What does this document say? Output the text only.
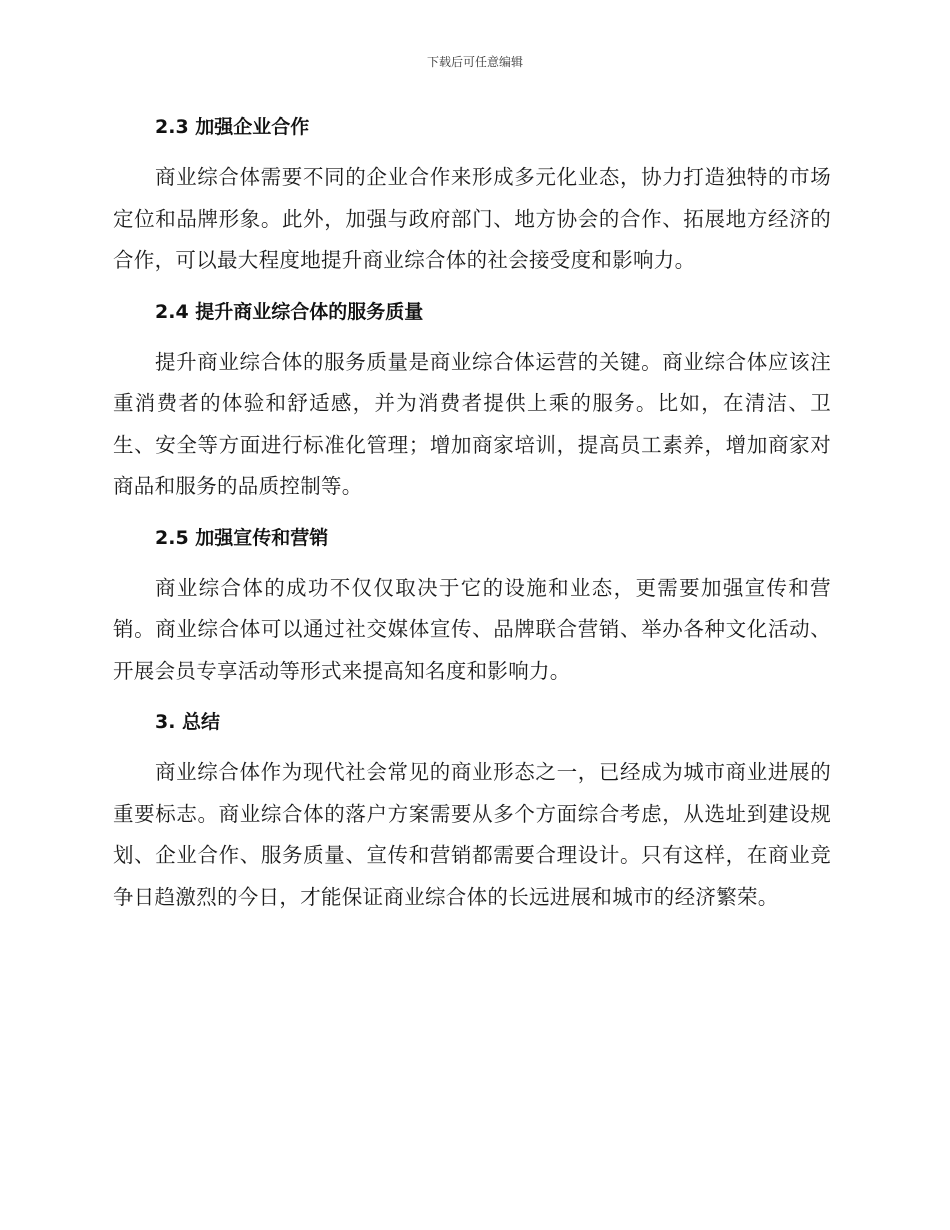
下载后可任意编辑
2.3 加强企业合作

商业综合体需要不同的企业合作来形成多元化业态，协力打造独特的市场定位和品牌形象。此外，加强与政府部门、地方协会的合作、拓展地方经济的合作，可以最大程度地提升商业综合体的社会接受度和影响力。

2.4 提升商业综合体的服务质量

提升商业综合体的服务质量是商业综合体运营的关键。商业综合体应该注重消费者的体验和舒适感，并为消费者提供上乘的服务。比如，在清洁、卫生、安全等方面进行标准化管理；增加商家培训，提高员工素养，增加商家对商品和服务的品质控制等。

2.5 加强宣传和营销

商业综合体的成功不仅仅取决于它的设施和业态，更需要加强宣传和营销。商业综合体可以通过社交媒体宣传、品牌联合营销、举办各种文化活动、开展会员专享活动等形式来提高知名度和影响力。

3. 总结

商业综合体作为现代社会常见的商业形态之一，已经成为城市商业进展的重要标志。商业综合体的落户方案需要从多个方面综合考虑，从选址到建设规划、企业合作、服务质量、宣传和营销都需要合理设计。只有这样，在商业竞争日趋激烈的今日，才能保证商业综合体的长远进展和城市的经济繁荣。
